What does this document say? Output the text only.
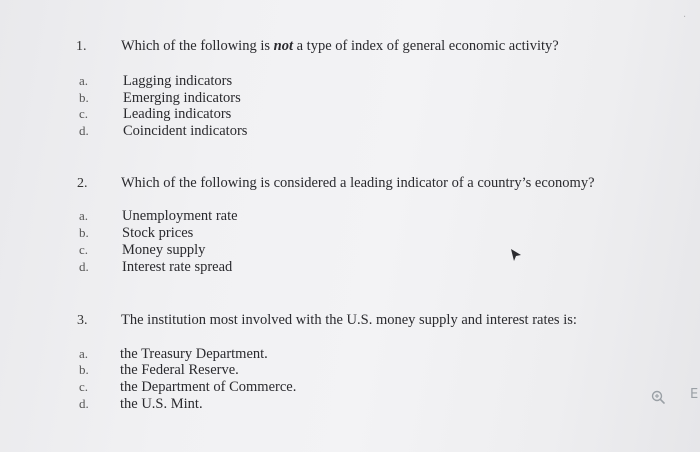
1. Which of the following is not a type of index of general economic activity?
a. Lagging indicators
b. Emerging indicators
c. Leading indicators
d. Coincident indicators
2. Which of the following is considered a leading indicator of a country’s economy?
a. Unemployment rate
b. Stock prices
c. Money supply
d. Interest rate spread
3. The institution most involved with the U.S. money supply and interest rates is:
a. the Treasury Department.
b. the Federal Reserve.
c. the Department of Commerce.
d. the U.S. Mint.
E
·
